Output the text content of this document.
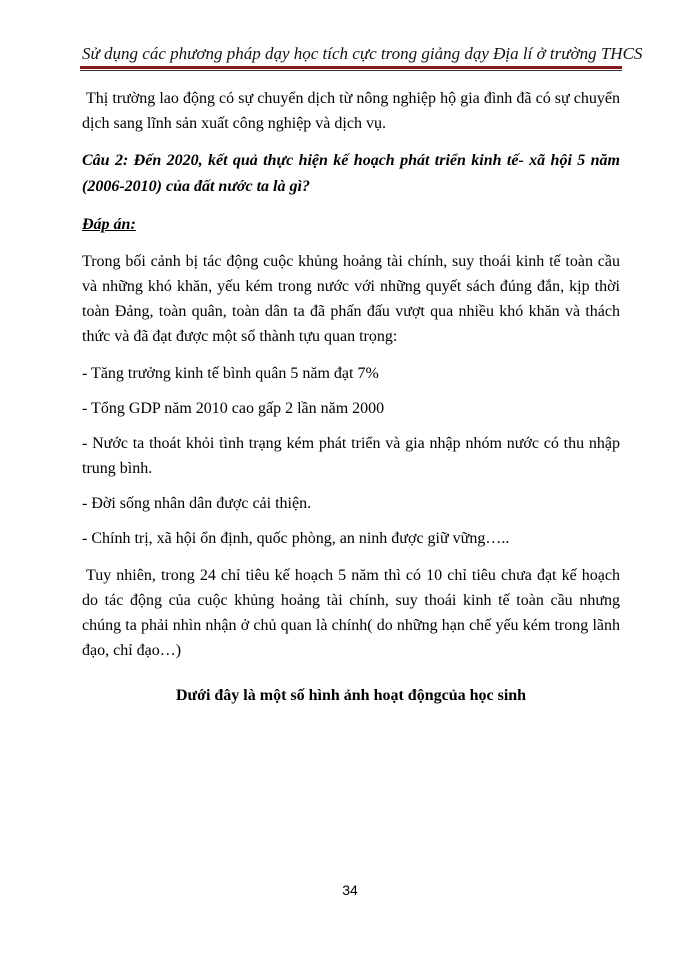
Sử dụng các phương pháp dạy học tích cực trong giảng dạy Địa lí ở trường THCS

Thị trường lao động có sự chuyển dịch từ nông nghiệp hộ gia đình đã có sự chuyển dịch sang lĩnh sản xuất công nghiệp và dịch vụ.

Câu 2: Đến 2020, kết quả thực hiện kế hoạch phát triển kinh tế- xã hội 5 năm (2006-2010) của đất nước ta là gì?

Đáp án:

Trong bối cảnh bị tác động cuộc khủng hoảng tài chính, suy thoái kinh tế toàn cầu và những khó khăn, yếu kém trong nước với những quyết sách đúng đắn, kịp thời toàn Đảng, toàn quân, toàn dân ta đã phấn đấu vượt qua nhiều khó khăn và thách thức và đã đạt được một số thành tựu quan trọng:

- Tăng trưởng kinh tế bình quân 5 năm đạt 7%

- Tổng GDP năm 2010 cao gấp 2 lần năm 2000

- Nước ta thoát khỏi tình trạng kém phát triển và gia nhập nhóm nước có thu nhập trung bình.

- Đời sống nhân dân được cải thiện.

- Chính trị, xã hội ổn định, quốc phòng, an ninh được giữ vững…..

Tuy nhiên, trong 24 chỉ tiêu kế hoạch 5 năm thì có 10 chỉ tiêu chưa đạt kế hoạch do tác động của cuộc khủng hoảng tài chính, suy thoái kinh tế toàn cầu nhưng chúng ta phải nhìn nhận ở chủ quan là chính( do những hạn chế yếu kém trong lãnh đạo, chỉ đạo…)

Dưới đây là một số hình ảnh hoạt độngcủa học sinh

34
